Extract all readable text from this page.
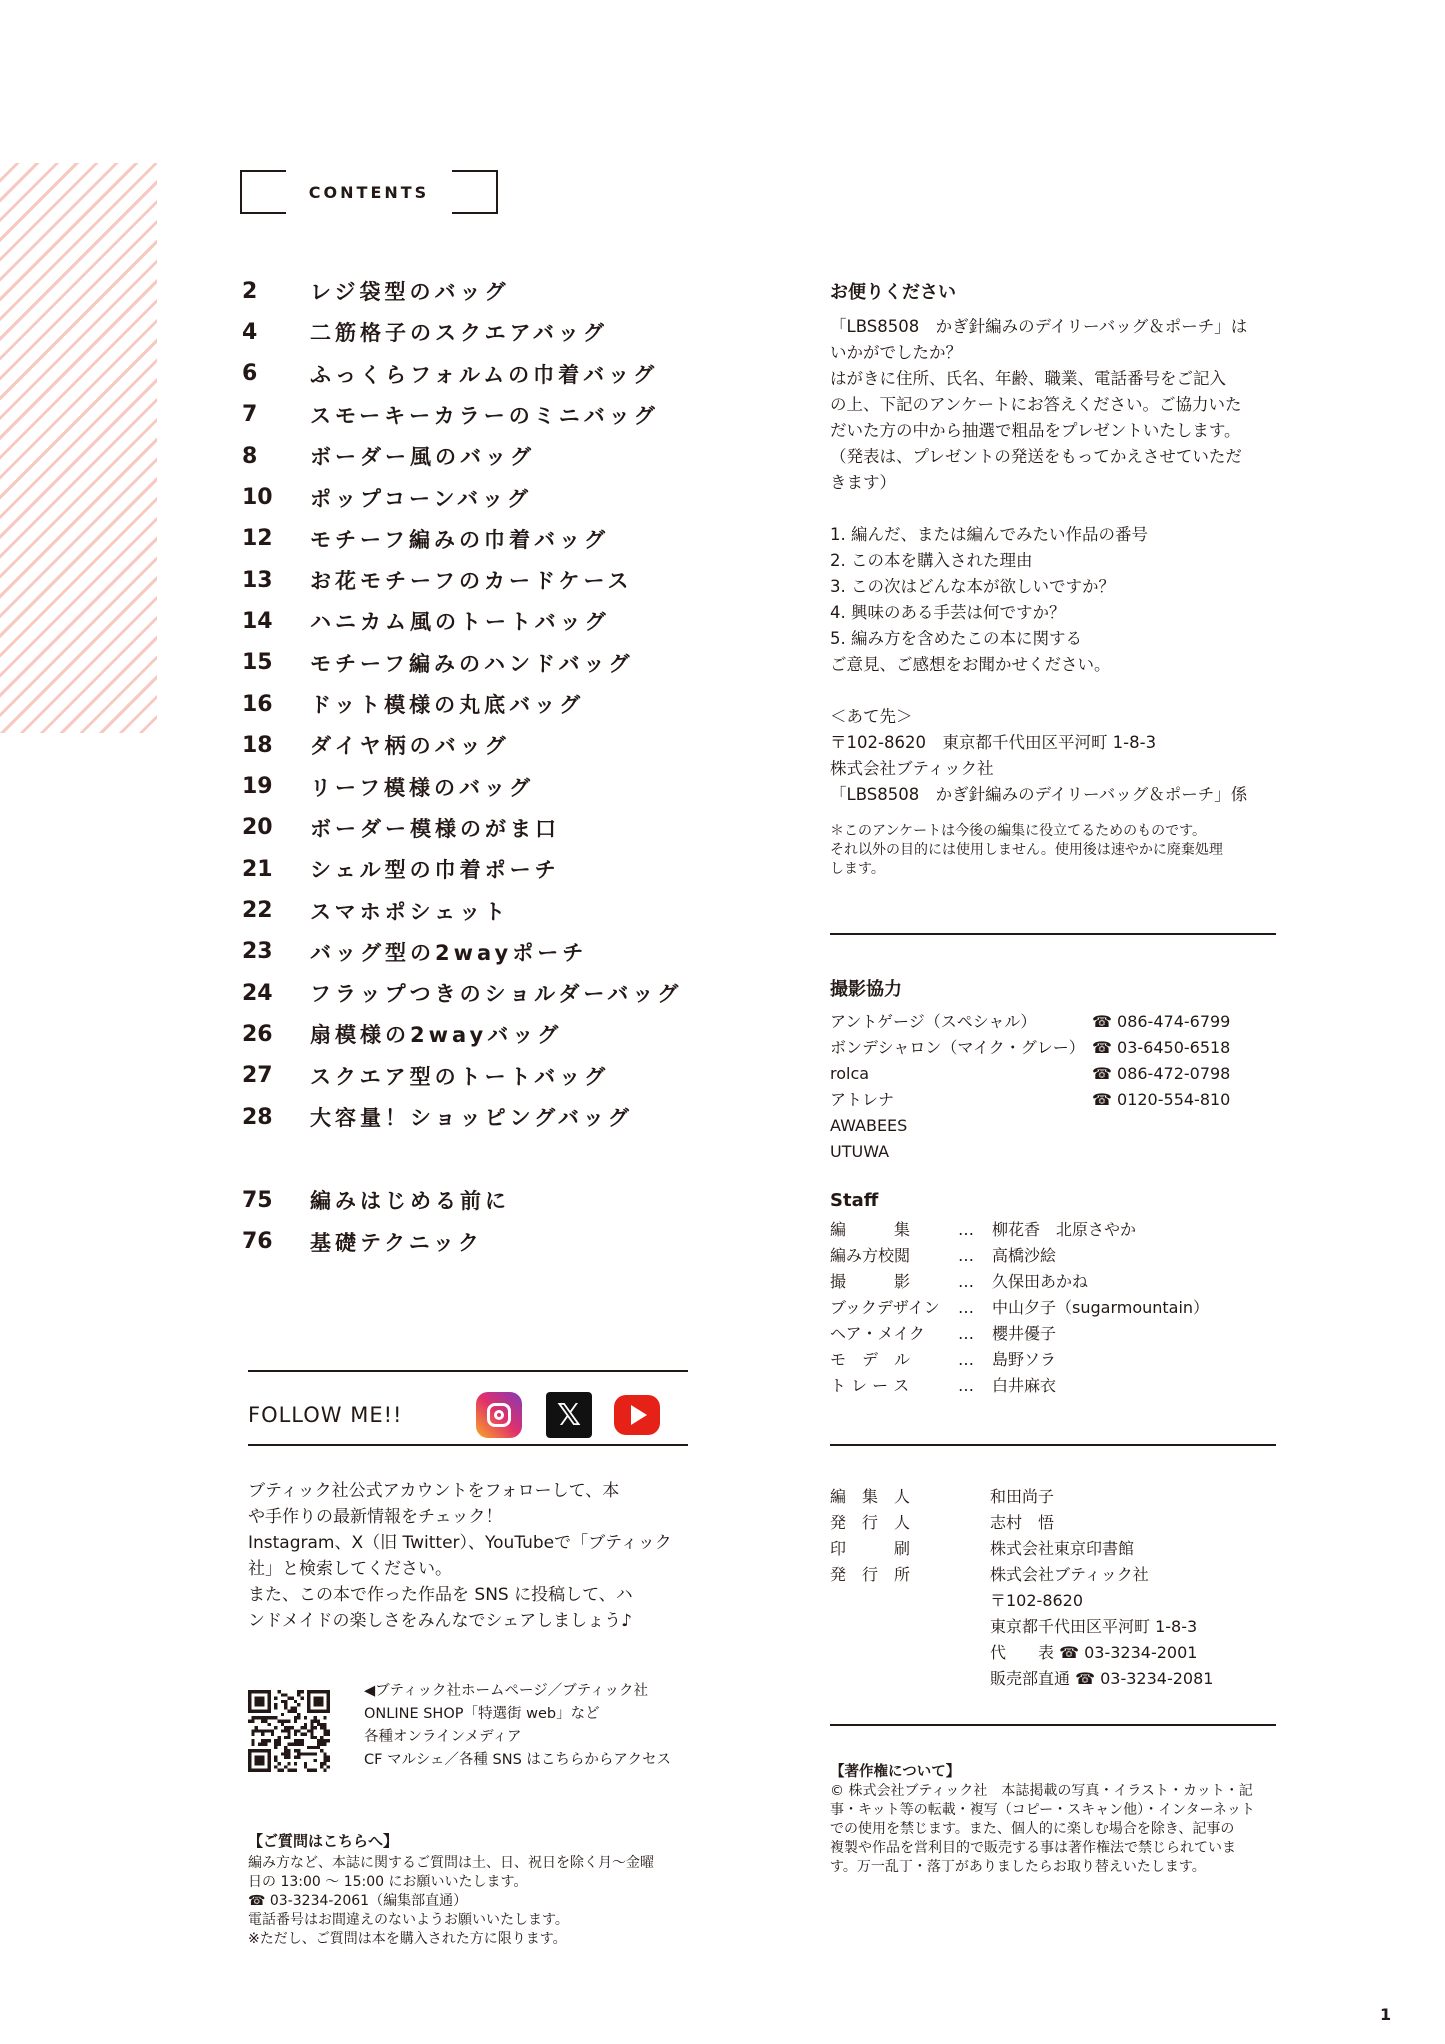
CONTENTS
2	レジ袋型のバッグ
4	二筋格子のスクエアバッグ
6	ふっくらフォルムの巾着バッグ
7	スモーキーカラーのミニバッグ
8	ボーダー風のバッグ
10	ポップコーンバッグ
12	モチーフ編みの巾着バッグ
13	お花モチーフのカードケース
14	ハニカム風のトートバッグ
15	モチーフ編みのハンドバッグ
16	ドット模様の丸底バッグ
18	ダイヤ柄のバッグ
19	リーフ模様のバッグ
20	ボーダー模様のがま口
21	シェル型の巾着ポーチ
22	スマホポシェット
23	バッグ型の2wayポーチ
24	フラップつきのショルダーバッグ
26	扇模様の2wayバッグ
27	スクエア型のトートバッグ
28	大容量！ショッピングバッグ
75	編みはじめる前に
76	基礎テクニック
お便りください
「LBS8508　かぎ針編みのデイリーバッグ＆ポーチ」は
いかがでしたか？
はがきに住所、氏名、年齢、職業、電話番号をご記入
の上、下記のアンケートにお答えください。ご協力いた
だいた方の中から抽選で粗品をプレゼントいたします。
（発表は、プレゼントの発送をもってかえさせていただ
きます）
1. 編んだ、または編んでみたい作品の番号
2. この本を購入された理由
3. この次はどんな本が欲しいですか？
4. 興味のある手芸は何ですか？
5. 編み方を含めたこの本に関する
ご意見、ご感想をお聞かせください。
＜あて先＞
〒102-8620　東京都千代田区平河町 1-8-3
株式会社ブティック社
「LBS8508　かぎ針編みのデイリーバッグ＆ポーチ」係
＊このアンケートは今後の編集に役立てるためのものです。
それ以外の目的には使用しません。使用後は速やかに廃棄処理
します。
撮影協力
アントゲージ（スペシャル）	☎ 086-474-6799
ボンデシャロン（マイク・グレー） ☎ 03-6450-6518
rolca	☎ 086-472-0798
アトレナ	☎ 0120-554-810
AWABEES
UTUWA
Staff
編　　　集	…	柳花香　北原さやか
編み方校閲	…	高橋沙絵
撮　　　影	…	久保田あかね
ブックデザイン	…	中山夕子（sugarmountain）
ヘア・メイク	…	櫻井優子
モ　デ　ル	…	島野ソラ
ト レ ー ス	…	白井麻衣
編　集　人	和田尚子
発　行　人	志村　悟
印　　　刷	株式会社東京印書館
発　行　所	株式会社ブティック社
〒102-8620
東京都千代田区平河町 1-8-3
代　　表 ☎ 03-3234-2001
販売部直通 ☎ 03-3234-2081
【著作権について】
© 株式会社ブティック社　本誌掲載の写真・イラスト・カット・記
事・キット等の転載・複写（コピー・スキャン他）・インターネット
での使用を禁じます。また、個人的に楽しむ場合を除き、記事の
複製や作品を営利目的で販売する事は著作権法で禁じられていま
す。万一乱丁・落丁がありましたらお取り替えいたします。
FOLLOW ME!!	𝕏
ブティック社公式アカウントをフォローして、本
や手作りの最新情報をチェック！
Instagram、X（旧 Twitter）、YouTubeで「ブティック
社」と検索してください。
また、この本で作った作品を SNS に投稿して、ハ
ンドメイドの楽しさをみんなでシェアしましょう♪
◀ブティック社ホームページ／ブティック社
ONLINE SHOP「特選街 web」など
各種オンラインメディア
CF マルシェ／各種 SNS はこちらからアクセス
【ご質問はこちらへ】
編み方など、本誌に関するご質問は土、日、祝日を除く月〜金曜
日の 13:00 〜 15:00 にお願いいたします。
☎ 03-3234-2061（編集部直通）
電話番号はお間違えのないようお願いいたします。
※ただし、ご質問は本を購入された方に限ります。
1
